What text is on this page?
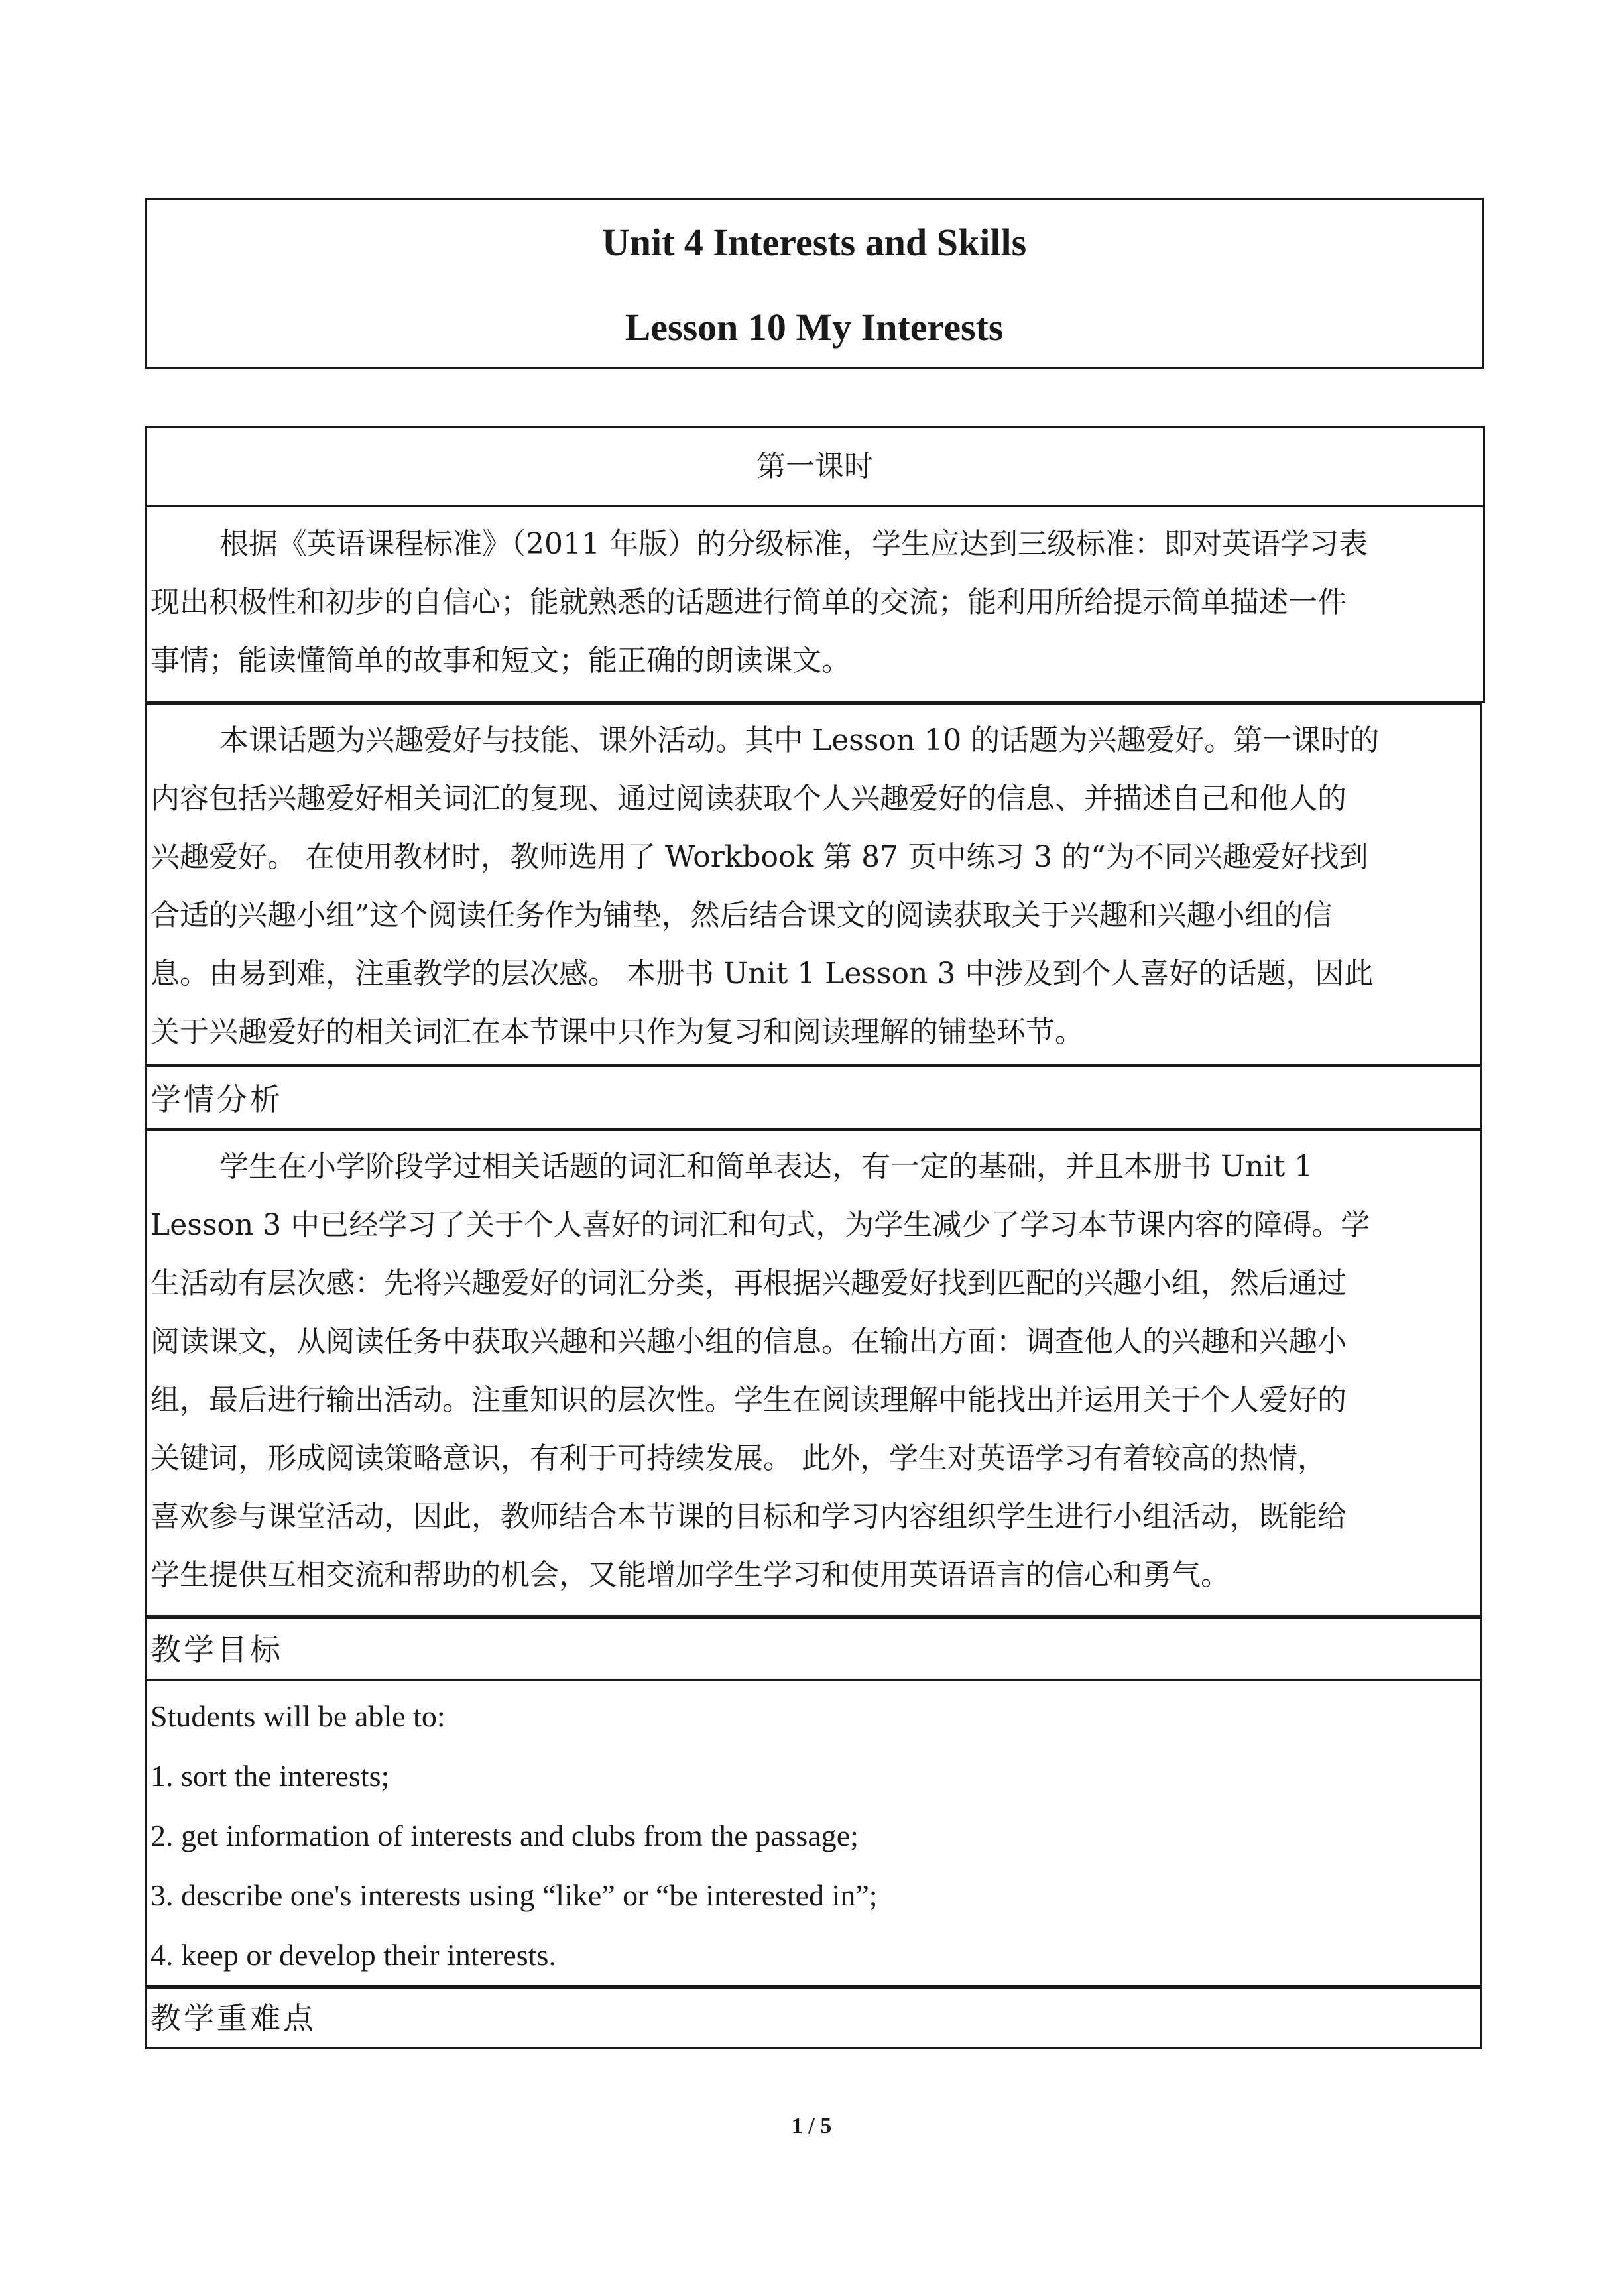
Unit 4 Interests and Skills
Lesson 10 My Interests
第一课时
根据《英语课程标准》（2011 年版）的分级标准，学生应达到三级标准：即对英语学习表
现出积极性和初步的自信心；能就熟悉的话题进行简单的交流；能利用所给提示简单描述一件
事情；能读懂简单的故事和短文；能正确的朗读课文。
本课话题为兴趣爱好与技能、课外活动。其中 Lesson 10 的话题为兴趣爱好。第一课时的
内容包括兴趣爱好相关词汇的复现、通过阅读获取个人兴趣爱好的信息、并描述自己和他人的
兴趣爱好。 在使用教材时，教师选用了 Workbook 第 87 页中练习 3 的“为不同兴趣爱好找到
合适的兴趣小组”这个阅读任务作为铺垫，然后结合课文的阅读获取关于兴趣和兴趣小组的信
息。由易到难，注重教学的层次感。 本册书 Unit 1 Lesson 3 中涉及到个人喜好的话题，因此
关于兴趣爱好的相关词汇在本节课中只作为复习和阅读理解的铺垫环节。
学情分析
学生在小学阶段学过相关话题的词汇和简单表达，有一定的基础，并且本册书 Unit 1
Lesson 3 中已经学习了关于个人喜好的词汇和句式，为学生减少了学习本节课内容的障碍。学
生活动有层次感：先将兴趣爱好的词汇分类，再根据兴趣爱好找到匹配的兴趣小组，然后通过
阅读课文，从阅读任务中获取兴趣和兴趣小组的信息。在输出方面：调查他人的兴趣和兴趣小
组，最后进行输出活动。注重知识的层次性。学生在阅读理解中能找出并运用关于个人爱好的
关键词，形成阅读策略意识，有利于可持续发展。 此外，学生对英语学习有着较高的热情，
喜欢参与课堂活动，因此，教师结合本节课的目标和学习内容组织学生进行小组活动，既能给
学生提供互相交流和帮助的机会，又能增加学生学习和使用英语语言的信心和勇气。
教学目标
Students will be able to:
1. sort the interests;
2. get information of interests and clubs from the passage;
3. describe one's interests using “like” or “be interested in”;
4. keep or develop their interests.
教学重难点
1 / 5
